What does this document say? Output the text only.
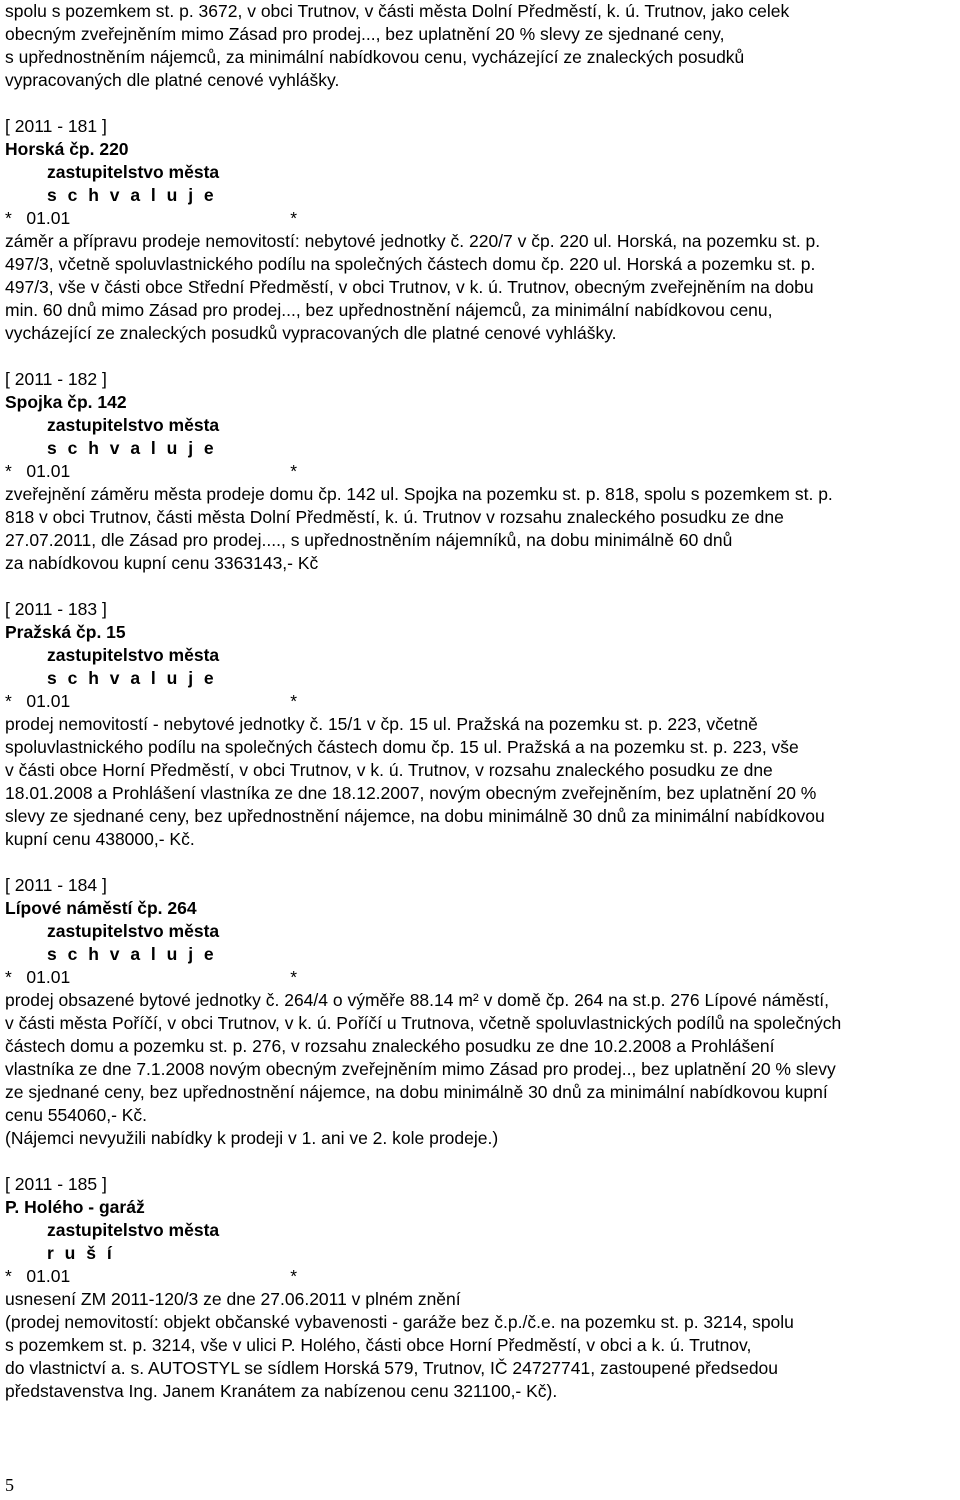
spolu s pozemkem st. p. 3672, v obci Trutnov, v části města Dolní Předměstí, k. ú. Trutnov, jako celek
obecným zveřejněním mimo Zásad pro prodej..., bez uplatnění 20 % slevy ze sjednané ceny,
s upřednostněním nájemců, za minimální nabídkovou cenu, vycházející ze znaleckých posudků
vypracovaných dle platné cenové vyhlášky.
[ 2011 - 181 ]
Horská čp. 220
zastupitelstvo města
s c h v a l u j e
*   01.01	*
záměr a přípravu prodeje nemovitostí: nebytové jednotky č. 220/7 v čp. 220 ul. Horská, na pozemku st. p.
497/3, včetně spoluvlastnického podílu na společných částech domu čp. 220 ul. Horská a pozemku st. p.
497/3, vše v části obce Střední Předměstí, v obci Trutnov, v k. ú. Trutnov, obecným zveřejněním na dobu
min. 60 dnů mimo Zásad pro prodej..., bez upřednostnění nájemců, za minimální nabídkovou cenu,
vycházející ze znaleckých posudků vypracovaných dle platné cenové vyhlášky.
[ 2011 - 182 ]
Spojka čp. 142
zastupitelstvo města
s c h v a l u j e
*   01.01	*
zveřejnění záměru města prodeje domu čp. 142 ul. Spojka na pozemku st. p. 818, spolu s pozemkem st. p.
818 v obci Trutnov, části města Dolní Předměstí, k. ú. Trutnov v rozsahu znaleckého posudku ze dne
27.07.2011, dle Zásad pro prodej...., s upřednostněním nájemníků, na dobu minimálně 60 dnů
za nabídkovou kupní cenu 3363143,- Kč
[ 2011 - 183 ]
Pražská čp. 15
zastupitelstvo města
s c h v a l u j e
*   01.01	*
prodej nemovitostí - nebytové jednotky č. 15/1 v čp. 15 ul. Pražská na pozemku st. p. 223, včetně
spoluvlastnického podílu na společných částech domu čp. 15 ul. Pražská a na pozemku st. p. 223, vše
v části obce Horní Předměstí, v obci Trutnov, v k. ú. Trutnov, v rozsahu znaleckého posudku ze dne
18.01.2008 a Prohlášení vlastníka ze dne 18.12.2007, novým obecným zveřejněním, bez uplatnění 20 %
slevy ze sjednané ceny, bez upřednostnění nájemce, na dobu minimálně 30 dnů za minimální nabídkovou
kupní cenu 438000,- Kč.
[ 2011 - 184 ]
Lípové náměstí čp. 264
zastupitelstvo města
s c h v a l u j e
*   01.01	*
prodej obsazené bytové jednotky č. 264/4 o výměře 88.14 m² v domě čp. 264 na st.p. 276 Lípové náměstí,
v části města Poříčí, v obci Trutnov, v k. ú. Poříčí u Trutnova, včetně spoluvlastnických podílů na společných
částech domu a pozemku st. p. 276, v rozsahu znaleckého posudku ze dne 10.2.2008 a Prohlášení
vlastníka ze dne 7.1.2008 novým obecným zveřejněním mimo Zásad pro prodej.., bez uplatnění 20 % slevy
ze sjednané ceny, bez upřednostnění nájemce, na dobu minimálně 30 dnů za minimální nabídkovou kupní
cenu 554060,- Kč.
(Nájemci nevyužili nabídky k prodeji v 1. ani ve 2. kole prodeje.)
[ 2011 - 185 ]
P. Holého - garáž
zastupitelstvo města
r u š í
*   01.01	*
usnesení ZM 2011-120/3 ze dne 27.06.2011 v plném znění
(prodej nemovitostí: objekt občanské vybavenosti - garáže bez č.p./č.e. na pozemku st. p. 3214, spolu
s pozemkem st. p. 3214, vše v ulici P. Holého, části obce Horní Předměstí, v obci a k. ú. Trutnov,
do vlastnictví a. s. AUTOSTYL se sídlem Horská 579, Trutnov, IČ 24727741, zastoupené předsedou
představenstva Ing. Janem Kranátem za nabízenou cenu 321100,- Kč).
5
